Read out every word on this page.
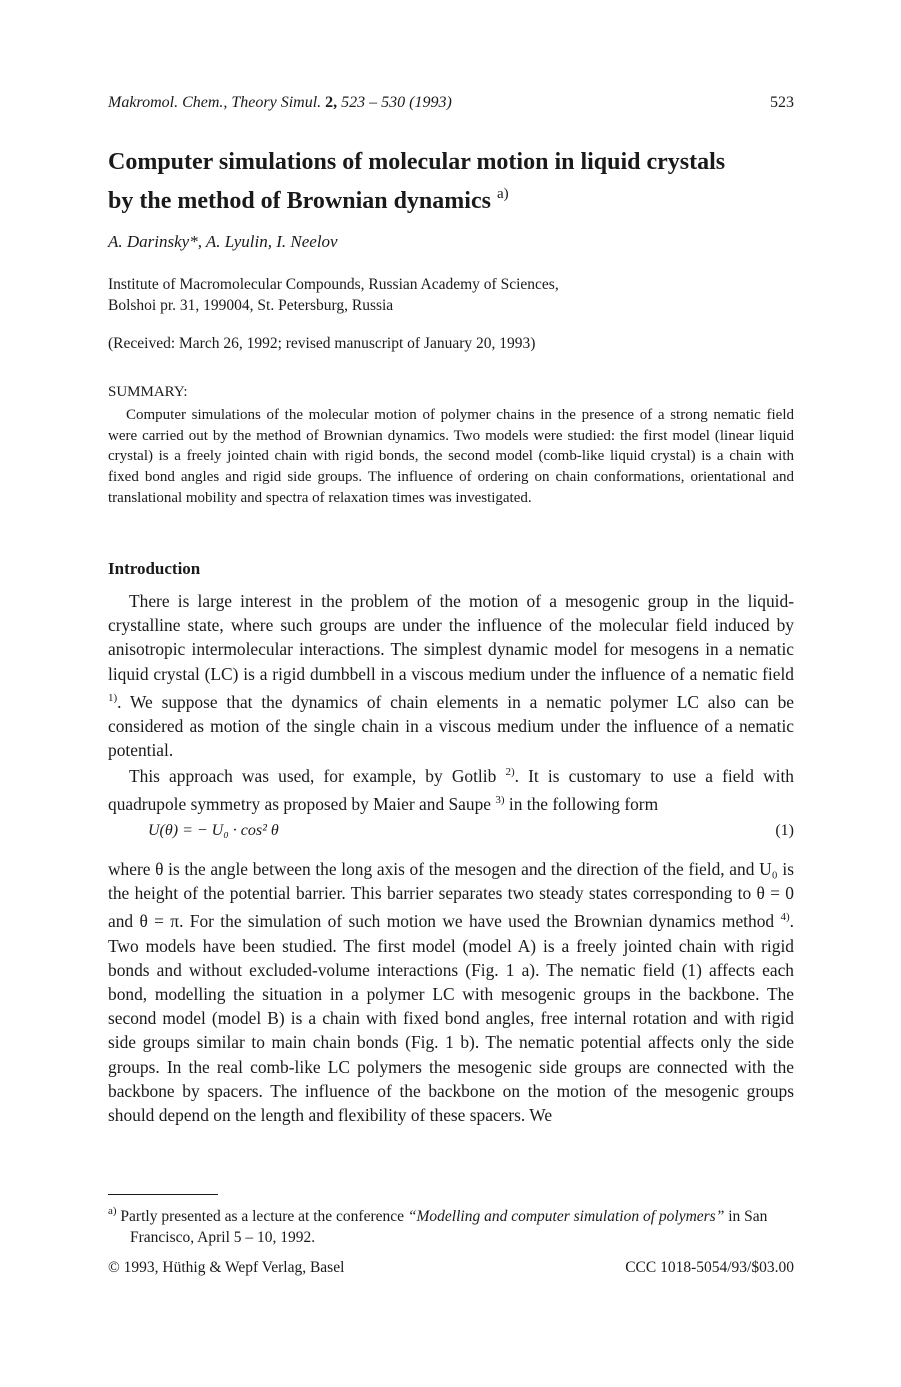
Makromol. Chem., Theory Simul. 2, 523 – 530 (1993)	523
Computer simulations of molecular motion in liquid crystals
by the method of Brownian dynamics $^{a)}$
A. Darinsky*, A. Lyulin, I. Neelov
Institute of Macromolecular Compounds, Russian Academy of Sciences,
Bolshoi pr. 31, 199004, St. Petersburg, Russia
(Received: March 26, 1992; revised manuscript of January 20, 1993)
SUMMARY:

Computer simulations of the molecular motion of polymer chains in the presence of a strong nematic field were carried out by the method of Brownian dynamics. Two models were studied: the first model (linear liquid crystal) is a freely jointed chain with rigid bonds, the second model (comb-like liquid crystal) is a chain with fixed bond angles and rigid side groups. The influence of ordering on chain conformations, orientational and translational mobility and spectra of relaxation times was investigated.

Introduction

There is large interest in the problem of the motion of a mesogenic group in the liquid-crystalline state, where such groups are under the influence of the molecular field induced by anisotropic intermolecular interactions. The simplest dynamic model for mesogens in a nematic liquid crystal (LC) is a rigid dumbbell in a viscous medium under the influence of a nematic field $^{1)}$. We suppose that the dynamics of chain elements in a nematic polymer LC also can be considered as motion of the single chain in a viscous medium under the influence of a nematic potential.

This approach was used, for example, by Gotlib $^{2)}$. It is customary to use a field with quadrupole symmetry as proposed by Maier and Saupe $^{3)}$ in the following form

U(θ) = − U₀ · cos² θ	(1)

where θ is the angle between the long axis of the mesogen and the direction of the field, and U₀ is the height of the potential barrier. This barrier separates two steady states corresponding to θ = 0 and θ = π. For the simulation of such motion we have used the Brownian dynamics method $^{4)}$. Two models have been studied. The first model (model A) is a freely jointed chain with rigid bonds and without excluded-volume interactions (Fig. 1 a). The nematic field (1) affects each bond, modelling the situation in a polymer LC with mesogenic groups in the backbone. The second model (model B) is a chain with fixed bond angles, free internal rotation and with rigid side groups similar to main chain bonds (Fig. 1 b). The nematic potential affects only the side groups. In the real comb-like LC polymers the mesogenic side groups are connected with the backbone by spacers. The influence of the backbone on the motion of the mesogenic groups should depend on the length and flexibility of these spacers. We

$^{a)}$ Partly presented as a lecture at the conference “Modelling and computer simulation of polymers” in San Francisco, April 5 – 10, 1992.

© 1993, Hüthig & Wepf Verlag, Basel	CCC 1018-5054/93/$03.00
